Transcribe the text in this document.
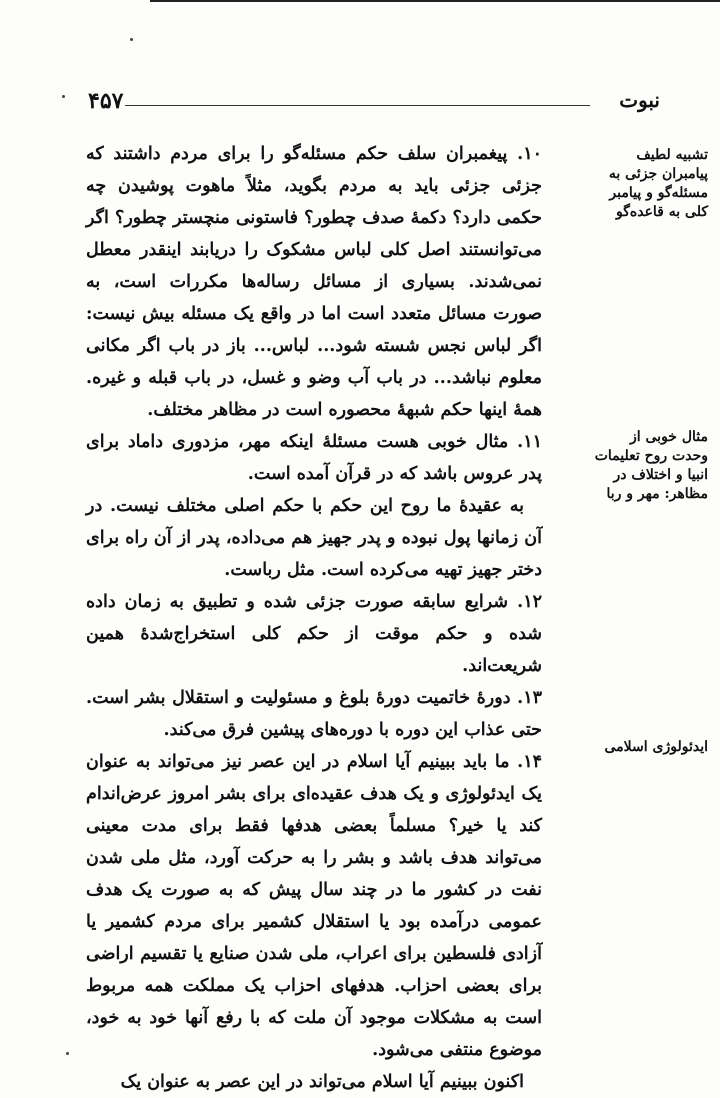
۴۵۷	نبوت
تشبیه لطیف پیامبران جزئی به مسئله‌گو و پیامبر کلی به قاعده‌گو
مثال خوبی از وحدت روح تعلیمات انبیا و اختلاف در مظاهر: مهر و ربا
ایدئولوژی اسلامی

۱۰. پیغمبران سلف حکم مسئله‌گو را برای مردم داشتند که جزئی جزئی باید به مردم بگوید، مثلاً ماهوت پوشیدن چه حکمی دارد؟ دکمهٔ صدف چطور؟ فاستونی منچستر چطور؟ اگر می‌توانستند اصل کلی لباس مشکوک را دریابند اینقدر معطل نمی‌شدند. بسیاری از مسائل رساله‌ها مکررات است، به صورت مسائل متعدد است اما در واقع یک مسئله بیش نیست: اگر لباس نجس شسته شود... لباس... باز در باب اگر مکانی معلوم نباشد... در باب آب وضو و غسل، در باب قبله و غیره. همهٔ اینها حکم شبههٔ محصوره است در مظاهر مختلف.

۱۱. مثال خوبی هست مسئلهٔ اینکه مهر، مزدوری داماد برای پدر عروس باشد که در قرآن آمده است.

به عقیدهٔ ما روح این حکم با حکم اصلی مختلف نیست. در آن زمانها پول نبوده و پدر جهیز هم می‌داده، پدر از آن راه برای دختر جهیز تهیه می‌کرده است. مثل رباست.

۱۲. شرایع سابقه صورت جزئی شده و تطبیق به زمان داده شده و حکم موقت از حکم کلی استخراج‌شدهٔ همین شریعت‌اند.

۱۳. دورهٔ خاتمیت دورهٔ بلوغ و مسئولیت و استقلال بشر است. حتی عذاب این دوره با دوره‌های پیشین فرق می‌کند.

۱۴. ما باید ببینیم آیا اسلام در این عصر نیز می‌تواند به عنوان یک ایدئولوژی و یک هدف عقیده‌ای برای بشر امروز عرض‌اندام کند یا خیر؟ مسلماً بعضی هدفها فقط برای مدت معینی می‌تواند هدف باشد و بشر را به حرکت آورد، مثل ملی شدن نفت در کشور ما در چند سال پیش که به صورت یک هدف عمومی درآمده بود یا استقلال کشمیر برای مردم کشمیر یا آزادی فلسطین برای اعراب، ملی شدن صنایع یا تقسیم اراضی برای بعضی احزاب. هدفهای احزاب یک مملکت همه مربوط است به مشکلات موجود آن ملت که با رفع آنها خود به خود، موضوع منتفی می‌شود.

اکنون ببینیم آیا اسلام می‌تواند در این عصر به عنوان یک
